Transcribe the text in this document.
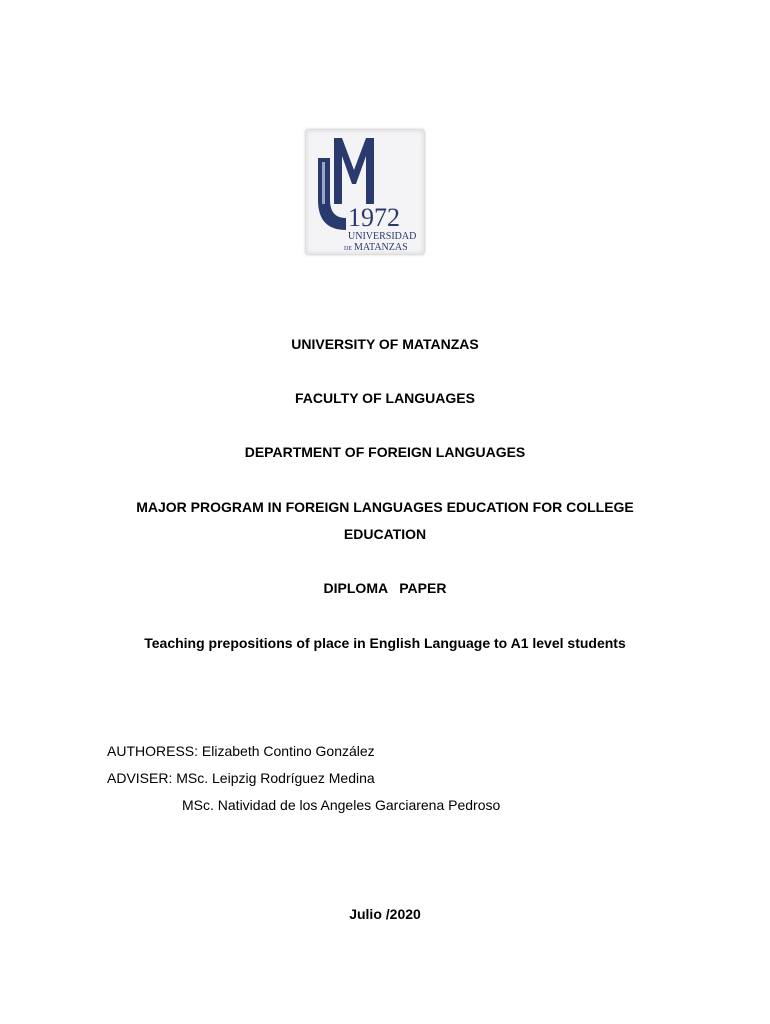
1972
UNIVERSIDAD
DE MATANZAS
UNIVERSITY OF MATANZAS
FACULTY OF LANGUAGES
DEPARTMENT OF FOREIGN LANGUAGES
MAJOR PROGRAM IN FOREIGN LANGUAGES EDUCATION FOR COLLEGE
EDUCATION
DIPLOMA   PAPER
Teaching prepositions of place in English Language to A1 level students
AUTHORESS: Elizabeth Contino González
ADVISER: MSc. Leipzig Rodríguez Medina
MSc. Natividad de los Angeles Garciarena Pedroso
Julio /2020
